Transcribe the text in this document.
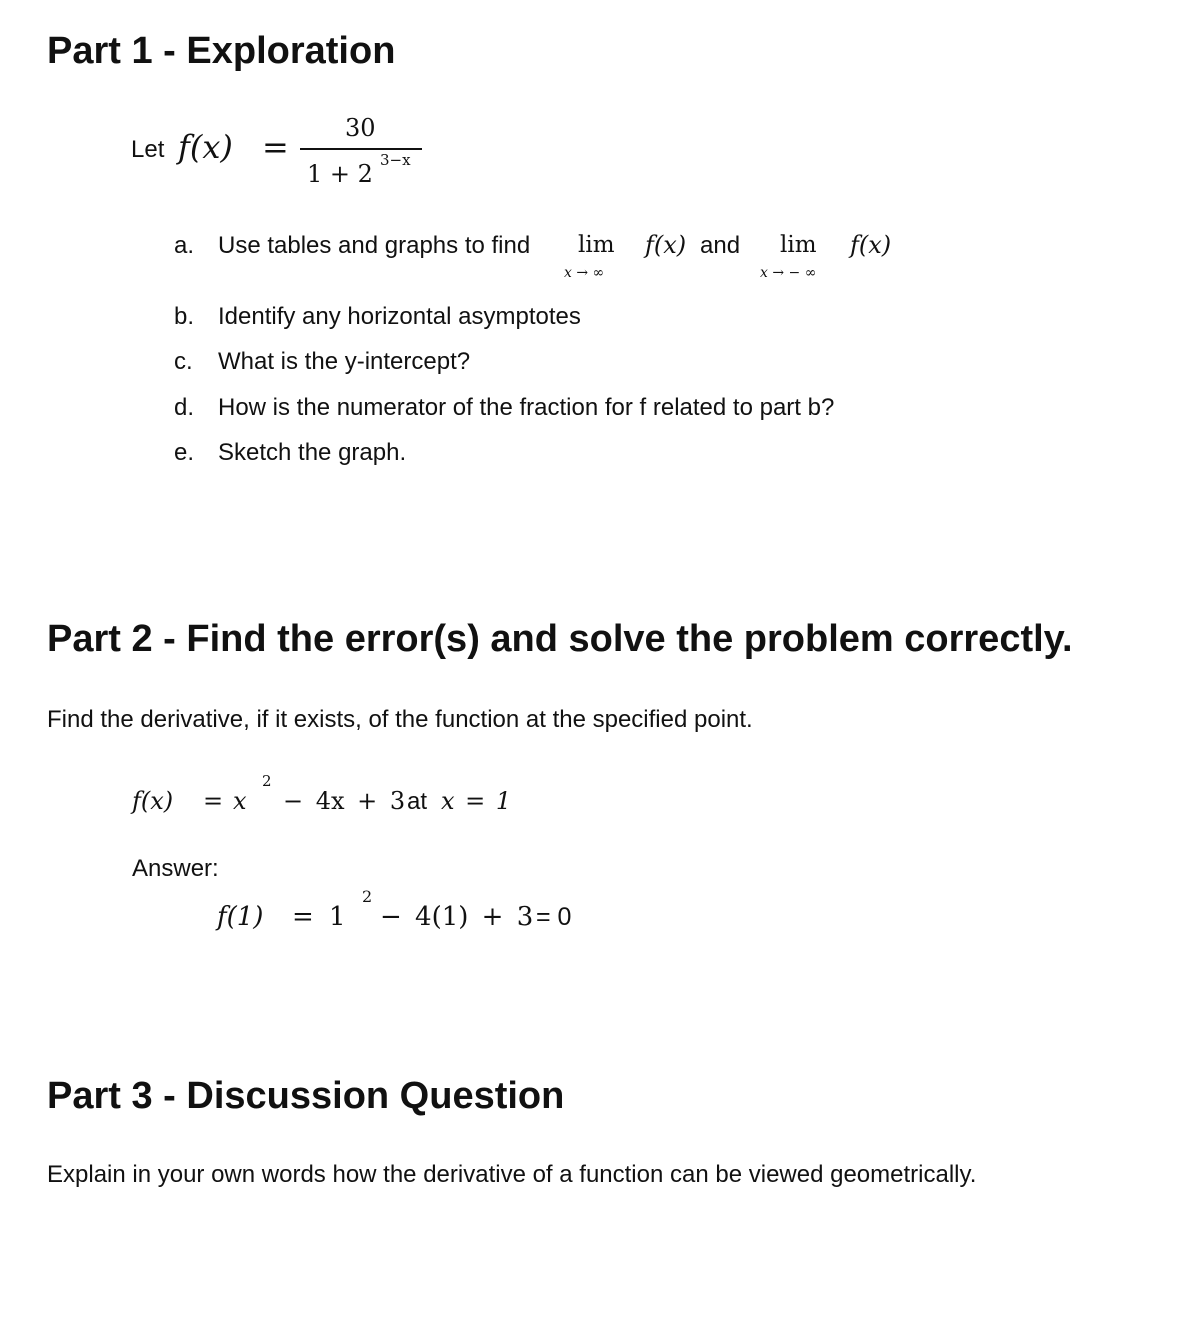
Part 1 - Exploration
Let f(x) = 30
1 + 2 3−x
a. Use tables and graphs to find lim
x → ∞
f(x) and lim
x → − ∞
f(x)
b. Identify any horizontal asymptotes
c. What is the y-intercept?
d. How is the numerator of the fraction for f related to part b?
e. Sketch the graph.
Part 2 - Find the error(s) and solve the problem correctly.
Find the derivative, if it exists, of the function at the specified point.
f(x) = x
2
− 4x + 3 at x = 1
Answer:
f(1) = 1
2
− 4(1) + 3 = 0
Part 3 - Discussion Question
Explain in your own words how the derivative of a function can be viewed geometrically.
